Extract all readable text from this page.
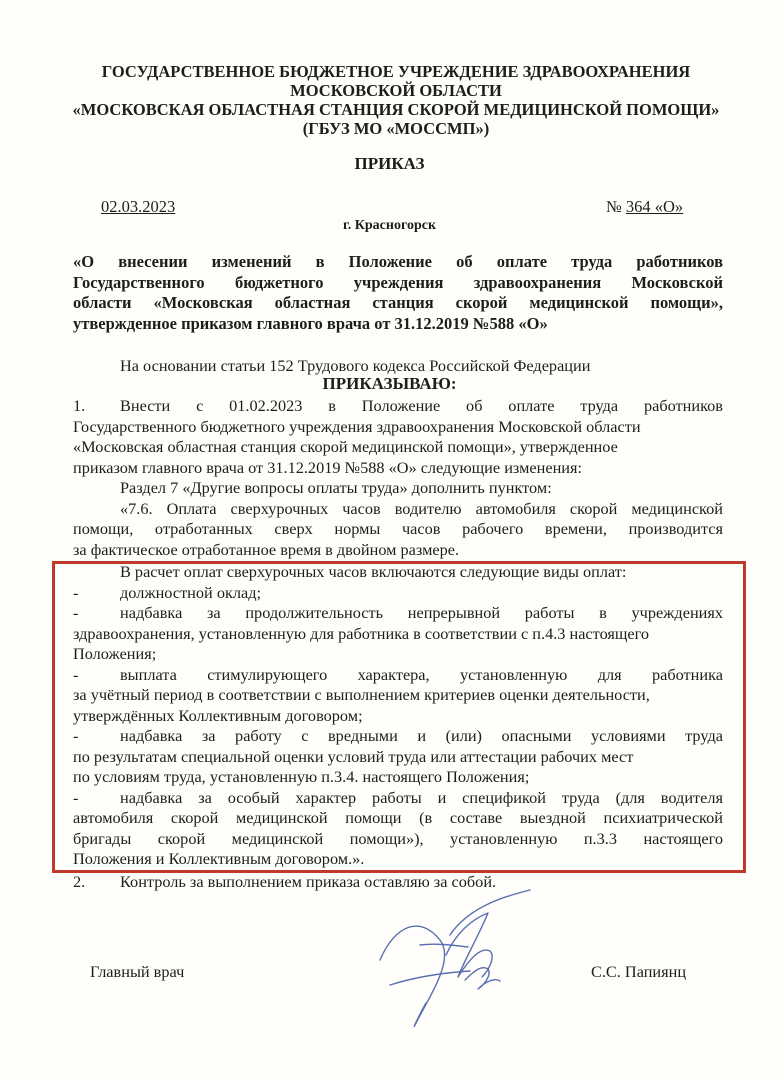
ГОСУДАРСТВЕННОЕ БЮДЖЕТНОЕ УЧРЕЖДЕНИЕ ЗДРАВООХРАНЕНИЯ
МОСКОВСКОЙ ОБЛАСТИ
«МОСКОВСКАЯ ОБЛАСТНАЯ СТАНЦИЯ СКОРОЙ МЕДИЦИНСКОЙ ПОМОЩИ»
(ГБУЗ МО «МОССМП»)
ПРИКАЗ
02.03.2023	№ 364 «О»
г. Красногорск
«О внесении изменений в Положение об оплате труда работников
Государственного бюджетного учреждения здравоохранения Московской
области «Московская областная станция скорой медицинской помощи»,
утвержденное приказом главного врача от 31.12.2019 №588 «О»
На основании статьи 152 Трудового кодекса Российской Федерации
ПРИКАЗЫВАЮ:
1.	Внести с 01.02.2023 в Положение об оплате труда работников
Государственного бюджетного учреждения здравоохранения Московской области
«Московская областная станция скорой медицинской помощи», утвержденное
приказом главного врача от 31.12.2019 №588 «О» следующие изменения:
Раздел 7 «Другие вопросы оплаты труда» дополнить пунктом:
«7.6. Оплата сверхурочных часов водителю автомобиля скорой медицинской
помощи, отработанных сверх нормы часов рабочего времени, производится
за фактическое отработанное время в двойном размере.
В расчет оплат сверхурочных часов включаются следующие виды оплат:
-	должностной оклад;
-	надбавка за продолжительность непрерывной работы в учреждениях
здравоохранения, установленную для работника в соответствии с п.4.3 настоящего
Положения;
-	выплата стимулирующего характера, установленную для работника
за учётный период в соответствии с выполнением критериев оценки деятельности,
утверждённых Коллективным договором;
-	надбавка за работу с вредными и (или) опасными условиями труда
по результатам специальной оценки условий труда или аттестации рабочих мест
по условиям труда, установленную п.3.4. настоящего Положения;
-	надбавка за особый характер работы и спецификой труда (для водителя
автомобиля скорой медицинской помощи (в составе выездной психиатрической
бригады скорой медицинской помощи»), установленную п.3.3 настоящего
Положения и Коллективным договором.».
2.	Контроль за выполнением приказа оставляю за собой.
Главный врач	С.С. Папиянц
